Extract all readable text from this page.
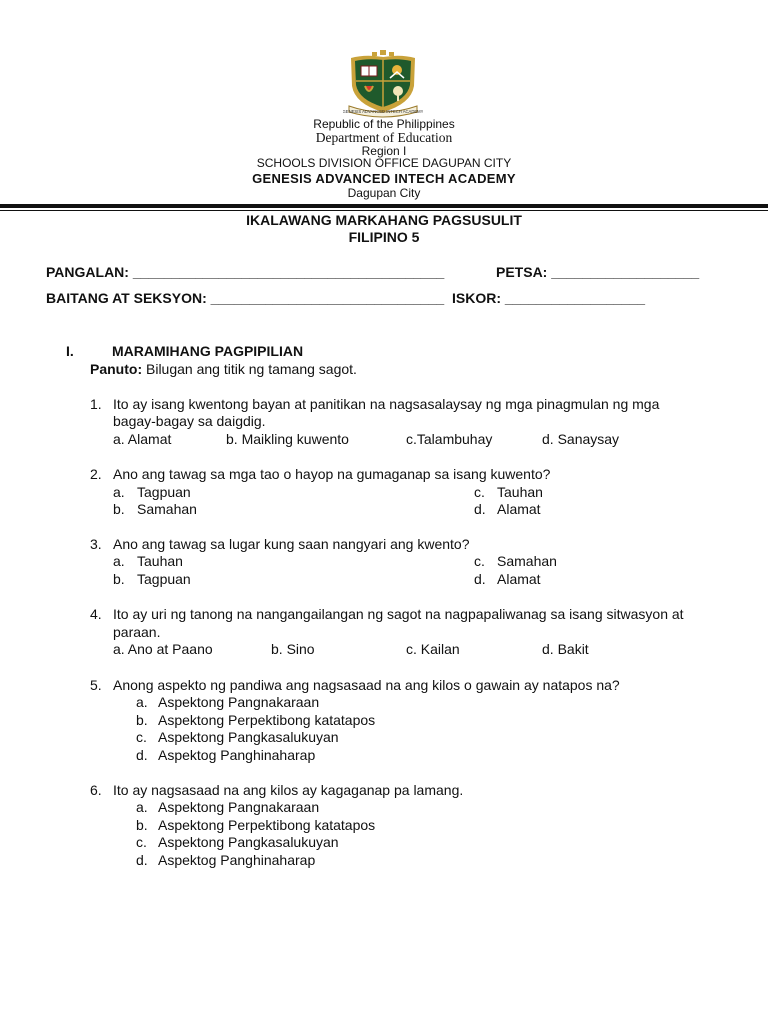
GENESIS ADVANCED INTECH ACADEMY
Republic of the Philippines
Department of Education
Region I
SCHOOLS DIVISION OFFICE DAGUPAN CITY
GENESIS ADVANCED INTECH ACADEMY
Dagupan City
IKALAWANG MARKAHANG PAGSUSULIT
FILIPINO 5
PANGALAN: ________________________________________	PETSA: ___________________
BAITANG AT SEKSYON: ______________________________ ISKOR: __________________
I.	MARAMIHANG PAGPIPILIAN
Panuto: Bilugan ang titik ng tamang sagot.
1. Ito ay isang kwentong bayan at panitikan na nagsasalaysay ng mga pinagmulan ng mga
bagay-bagay sa daigdig.
a. Alamat	b. Maikling kuwento	c.Talambuhay	d. Sanaysay
2. Ano ang tawag sa mga tao o hayop na gumaganap sa isang kuwento?
a. Tagpuan
b. Samahan
c. Tauhan
d. Alamat
3. Ano ang tawag sa lugar kung saan nangyari ang kwento?
a. Tauhan
b. Tagpuan
c. Samahan
d. Alamat
4. Ito ay uri ng tanong na nangangailangan ng sagot na nagpapaliwanag sa isang sitwasyon at
paraan.
a. Ano at Paano	b. Sino	c. Kailan	d. Bakit
5. Anong aspekto ng pandiwa ang nagsasaad na ang kilos o gawain ay natapos na?
a. Aspektong Pangnakaraan
b. Aspektong Perpektibong katatapos
c. Aspektong Pangkasalukuyan
d. Aspektog Panghinaharap
6. Ito ay nagsasaad na ang kilos ay kagaganap pa lamang.
a. Aspektong Pangnakaraan
b. Aspektong Perpektibong katatapos
c. Aspektong Pangkasalukuyan
d. Aspektog Panghinaharap
